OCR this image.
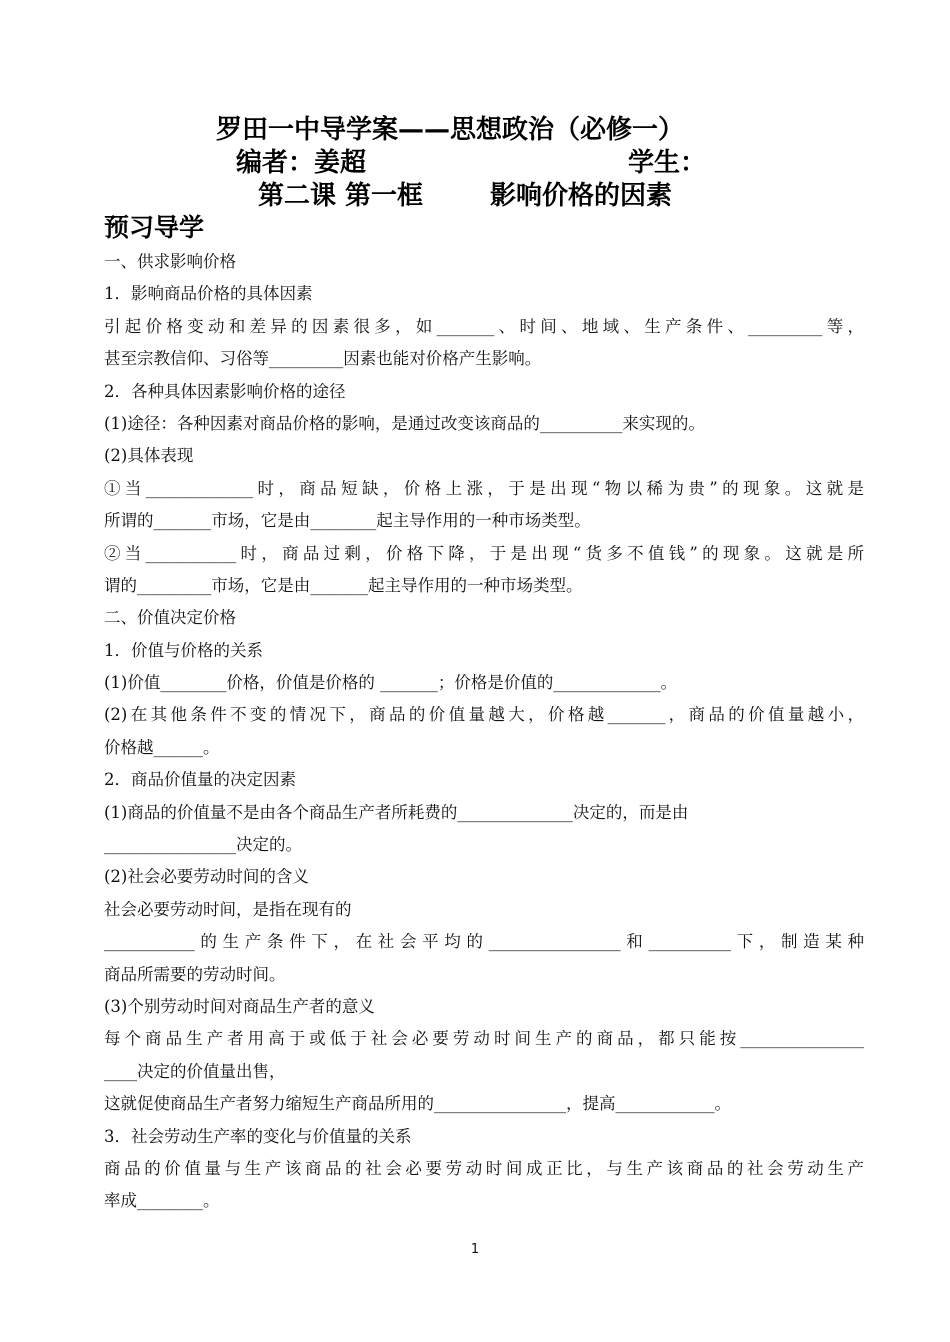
罗田一中导学案——思想政治（必修一）
编者：姜超	学生：
第二课 第一框	影响价格的因素
预习导学
一、供求影响价格
1．影响商品价格的具体因素
引起价格变动和差异的因素很多，如_______、时间、地域、生产条件、_________等，
甚至宗教信仰、习俗等_________因素也能对价格产生影响。
2．各种具体因素影响价格的途径
(1)途径：各种因素对商品价格的影响，是通过改变该商品的__________来实现的。
(2)具体表现
①当_____________时，商品短缺，价格上涨，于是出现“物以稀为贵”的现象。这就是
所谓的_______市场，它是由________起主导作用的一种市场类型。
②当___________时，商品过剩，价格下降，于是出现“货多不值钱”的现象。这就是所
谓的_________市场，它是由_______起主导作用的一种市场类型。
二、价值决定价格
1．价值与价格的关系
(1)价值________价格，价值是价格的 _______；价格是价值的_____________。
(2)在其他条件不变的情况下，商品的价值量越大，价格越_______，商品的价值量越小，
价格越______。
2．商品价值量的决定因素
(1)商品的价值量不是由各个商品生产者所耗费的______________决定的，而是由
________________决定的。
(2)社会必要劳动时间的含义
社会必要劳动时间，是指在现有的
___________的生产条件下，在社会平均的________________和__________下，制造某种
商品所需要的劳动时间。
(3)个别劳动时间对商品生产者的意义
每个商品生产者用高于或低于社会必要劳动时间生产的商品，都只能按_______________
____决定的价值量出售，
这就促使商品生产者努力缩短生产商品所用的________________，提高____________。
3．社会劳动生产率的变化与价值量的关系
商品的价值量与生产该商品的社会必要劳动时间成正比，与生产该商品的社会劳动生产
率成________。
1
